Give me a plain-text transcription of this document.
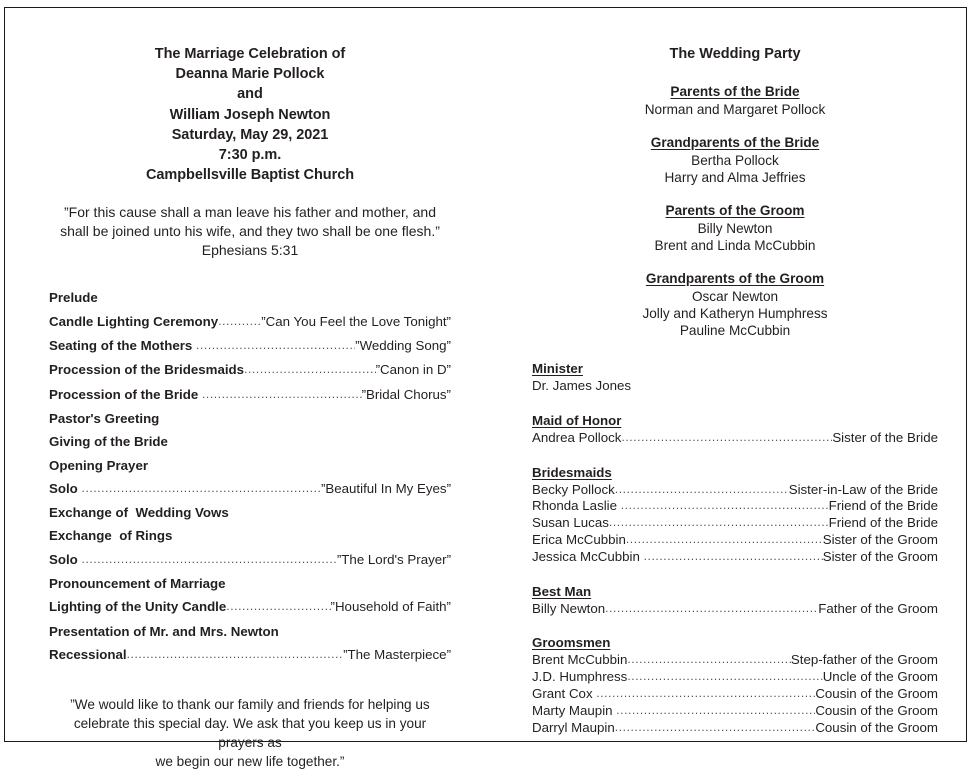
The Marriage Celebration of
Deanna Marie Pollock
and
William Joseph Newton
Saturday, May 29, 2021
7:30 p.m.
Campbellsville Baptist Church
”For this cause shall a man leave his father and mother, and
shall be joined unto his wife, and they two shall be one flesh.”
Ephesians 5:31
Prelude
Candle Lighting Ceremony .....	”Can You Feel the Love Tonight”
Seating of the Mothers .....	”Wedding Song”
Procession of the Bridesmaids .....	”Canon in D”
Procession of the Bride .....	”Bridal Chorus”
Pastor's Greeting
Giving of the Bride
Opening Prayer
Solo .....	”Beautiful In My Eyes”
Exchange of  Wedding Vows
Exchange  of Rings
Solo .....	”The Lord's Prayer”
Pronouncement of Marriage
Lighting of the Unity Candle .....	”Household of Faith”
Presentation of Mr. and Mrs. Newton
Recessional .....	”The Masterpiece”
”We would like to thank our family and friends for helping us
celebrate this special day. We ask that you keep us in your prayers as
we begin our new life together.”
The Wedding Party
Parents of the Bride
Norman and Margaret Pollock
Grandparents of the Bride
Bertha Pollock
Harry and Alma Jeffries
Parents of the Groom
Billy Newton
Brent and Linda McCubbin
Grandparents of the Groom
Oscar Newton
Jolly and Katheryn Humphress
Pauline McCubbin
Minister
Dr. James Jones
Maid of Honor
Andrea Pollock .....	Sister of the Bride
Bridesmaids
Becky Pollock .....	Sister-in-Law of the Bride
Rhonda Laslie .....	Friend of the Bride
Susan Lucas .....	Friend of the Bride
Erica McCubbin .....	Sister of the Groom
Jessica McCubbin .....	Sister of the Groom
Best Man
Billy Newton .....	Father of the Groom
Groomsmen
Brent McCubbin .....	Step-father of the Groom
J.D. Humphress .....	Uncle of the Groom
Grant Cox .....	Cousin of the Groom
Marty Maupin .....	Cousin of the Groom
Darryl Maupin .....	Cousin of the Groom
